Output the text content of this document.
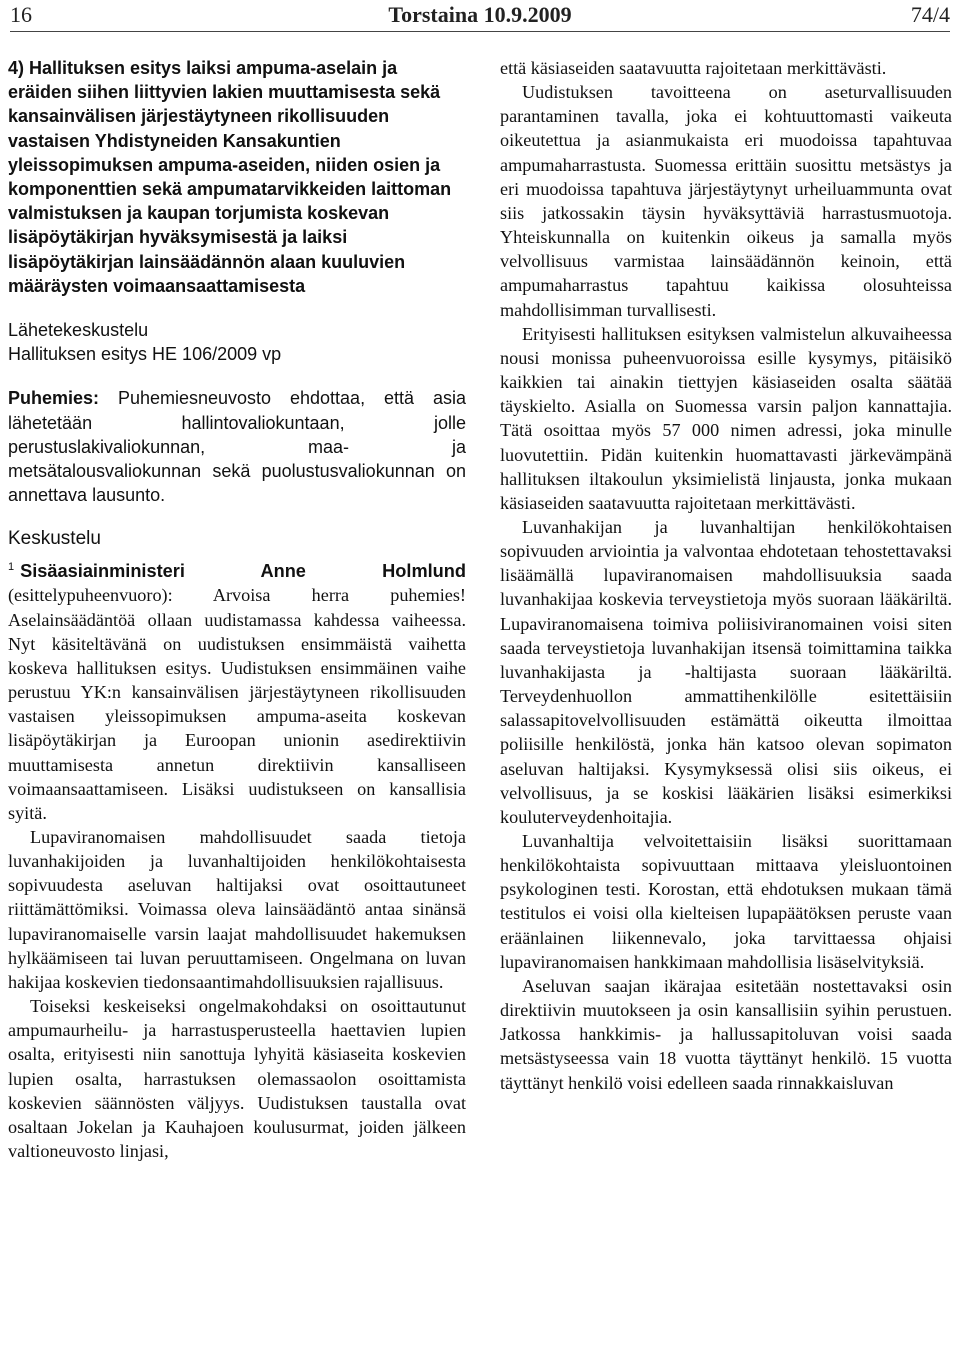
16	Torstaina 10.9.2009	74/4

4) Hallituksen esitys laiksi ampuma-aselain ja eräiden siihen liittyvien lakien muuttamisesta sekä kansainvälisen järjestäytyneen rikollisuuden vastaisen Yhdistyneiden Kansakuntien yleissopimuksen ampuma-aseiden, niiden osien ja komponenttien sekä ampumatarvikkeiden laittoman valmistuksen ja kaupan torjumista koskevan lisäpöytäkirjan hyväksymisestä ja laiksi lisäpöytäkirjan lainsäädännön alaan kuuluvien määräysten voimaansaattamisesta

Lähetekeskustelu

Hallituksen esitys HE 106/2009 vp

Puhemies: Puhemiesneuvosto ehdottaa, että asia lähetetään hallintovaliokuntaan, jolle perustuslakivaliokunnan, maa- ja metsätalousvaliokunnan sekä puolustusvaliokunnan on annettava lausunto.

Keskustelu

$^1$ Sisäasiainministeri Anne Holmlund (esittelypuheenvuoro): Arvoisa herra puhemies! Aselainsäädäntöä ollaan uudistamassa kahdessa vaiheessa. Nyt käsiteltävänä on uudistuksen ensimmäistä vaihetta koskeva hallituksen esitys. Uudistuksen ensimmäinen vaihe perustuu YK:n kansainvälisen järjestäytyneen rikollisuuden vastaisen yleissopimuksen ampuma-aseita koskevan lisäpöytäkirjan ja Euroopan unionin asedirektiivin muuttamisesta annetun direktiivin kansalliseen voimaansaattamiseen. Lisäksi uudistukseen on kansallisia syitä.

Lupaviranomaisen mahdollisuudet saada tietoja luvanhakijoiden ja luvanhaltijoiden henkilökohtaisesta sopivuudesta aseluvan haltijaksi ovat osoittautuneet riittämättömiksi. Voimassa oleva lainsäädäntö antaa sinänsä lupaviranomaiselle varsin laajat mahdollisuudet hakemuksen hylkäämiseen tai luvan peruuttamiseen. Ongelmana on luvan hakijaa koskevien tiedonsaantimahdollisuuksien rajallisuus.

Toiseksi keskeiseksi ongelmakohdaksi on osoittautunut ampumaurheilu- ja harrastusperusteella haettavien lupien osalta, erityisesti niin sanottuja lyhyitä käsiaseita koskevien lupien osalta, harrastuksen olemassaolon osoittamista koskevien säännösten väljyys. Uudistuksen taustalla ovat osaltaan Jokelan ja Kauhajoen koulusurmat, joiden jälkeen valtioneuvosto linjasi,

että käsiaseiden saatavuutta rajoitetaan merkittävästi.

Uudistuksen tavoitteena on aseturvallisuuden parantaminen tavalla, joka ei kohtuuttomasti vaikeuta oikeutettua ja asianmukaista eri muodoissa tapahtuvaa ampumaharrastusta. Suomessa erittäin suosittu metsästys ja eri muodoissa tapahtuva järjestäytynyt urheiluammunta ovat siis jatkossakin täysin hyväksyttäviä harrastusmuotoja. Yhteiskunnalla on kuitenkin oikeus ja samalla myös velvollisuus varmistaa lainsäädännön keinoin, että ampumaharrastus tapahtuu kaikissa olosuhteissa mahdollisimman turvallisesti.

Erityisesti hallituksen esityksen valmistelun alkuvaiheessa nousi monissa puheenvuoroissa esille kysymys, pitäisikö kaikkien tai ainakin tiettyjen käsiaseiden osalta säätää täyskielto. Asialla on Suomessa varsin paljon kannattajia. Tätä osoittaa myös 57 000 nimen adressi, joka minulle luovutettiin. Pidän kuitenkin huomattavasti järkevämpänä hallituksen iltakoulun yksimielistä linjausta, jonka mukaan käsiaseiden saatavuutta rajoitetaan merkittävästi.

Luvanhakijan ja luvanhaltijan henkilökohtaisen sopivuuden arviointia ja valvontaa ehdotetaan tehostettavaksi lisäämällä lupaviranomaisen mahdollisuuksia saada luvanhakijaa koskevia terveystietoja myös suoraan lääkäriltä. Lupaviranomaisena toimiva poliisiviranomainen voisi siten saada terveystietoja luvanhakijan itsensä toimittamina taikka luvanhakijasta ja -haltijasta suoraan lääkäriltä. Terveydenhuollon ammattihenkilölle esitettäisiin salassapitovelvollisuuden estämättä oikeutta ilmoittaa poliisille henkilöstä, jonka hän katsoo olevan sopimaton aseluvan haltijaksi. Kysymyksessä olisi siis oikeus, ei velvollisuus, ja se koskisi lääkärien lisäksi esimerkiksi kouluterveydenhoitajia.

Luvanhaltija velvoitettaisiin lisäksi suorittamaan henkilökohtaista sopivuuttaan mittaava yleisluontoinen psykologinen testi. Korostan, että ehdotuksen mukaan tämä testitulos ei voisi olla kielteisen lupapäätöksen peruste vaan eräänlainen liikennevalo, joka tarvittaessa ohjaisi lupaviranomaisen hankkimaan mahdollisia lisäselvityksiä.

Aseluvan saajan ikärajaa esitetään nostettavaksi osin direktiivin muutokseen ja osin kansallisiin syihin perustuen. Jatkossa hankkimis- ja hallussapitoluvan voisi saada metsästyseessa vain 18 vuotta täyttänyt henkilö. 15 vuotta täyttänyt henkilö voisi edelleen saada rinnakkaisluvan
